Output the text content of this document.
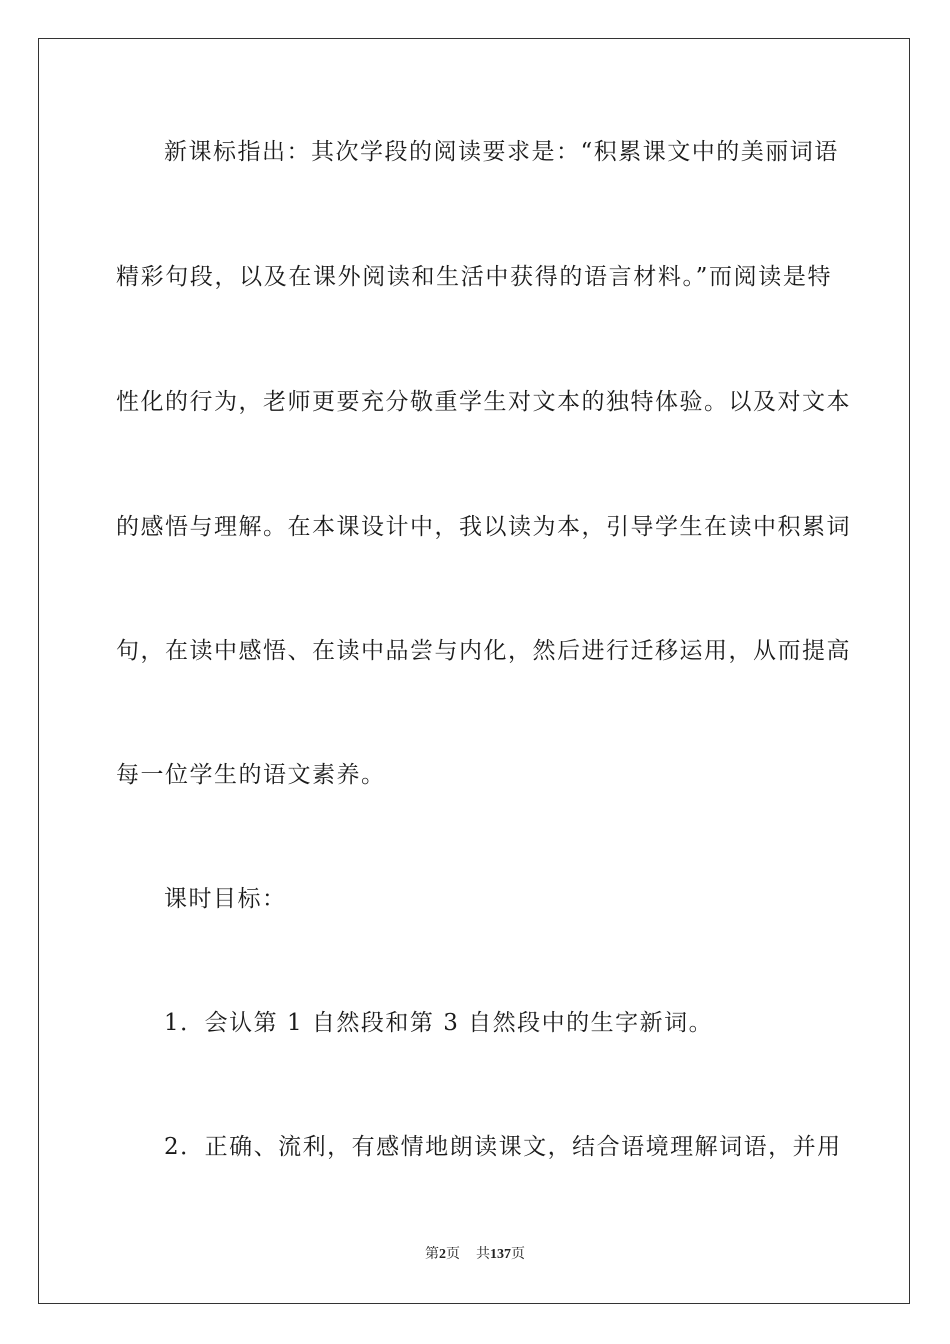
新课标指出：其次学段的阅读要求是：“积累课文中的美丽词语
精彩句段，以及在课外阅读和生活中获得的语言材料。”而阅读是特
性化的行为，老师更要充分敬重学生对文本的独特体验。以及对文本
的感悟与理解。在本课设计中，我以读为本，引导学生在读中积累词
句，在读中感悟、在读中品尝与内化，然后进行迁移运用，从而提高
每一位学生的语文素养。
课时目标：
1．会认第 1 自然段和第 3 自然段中的生字新词。
2．正确、流利，有感情地朗读课文，结合语境理解词语，并用
第2页 共137页
